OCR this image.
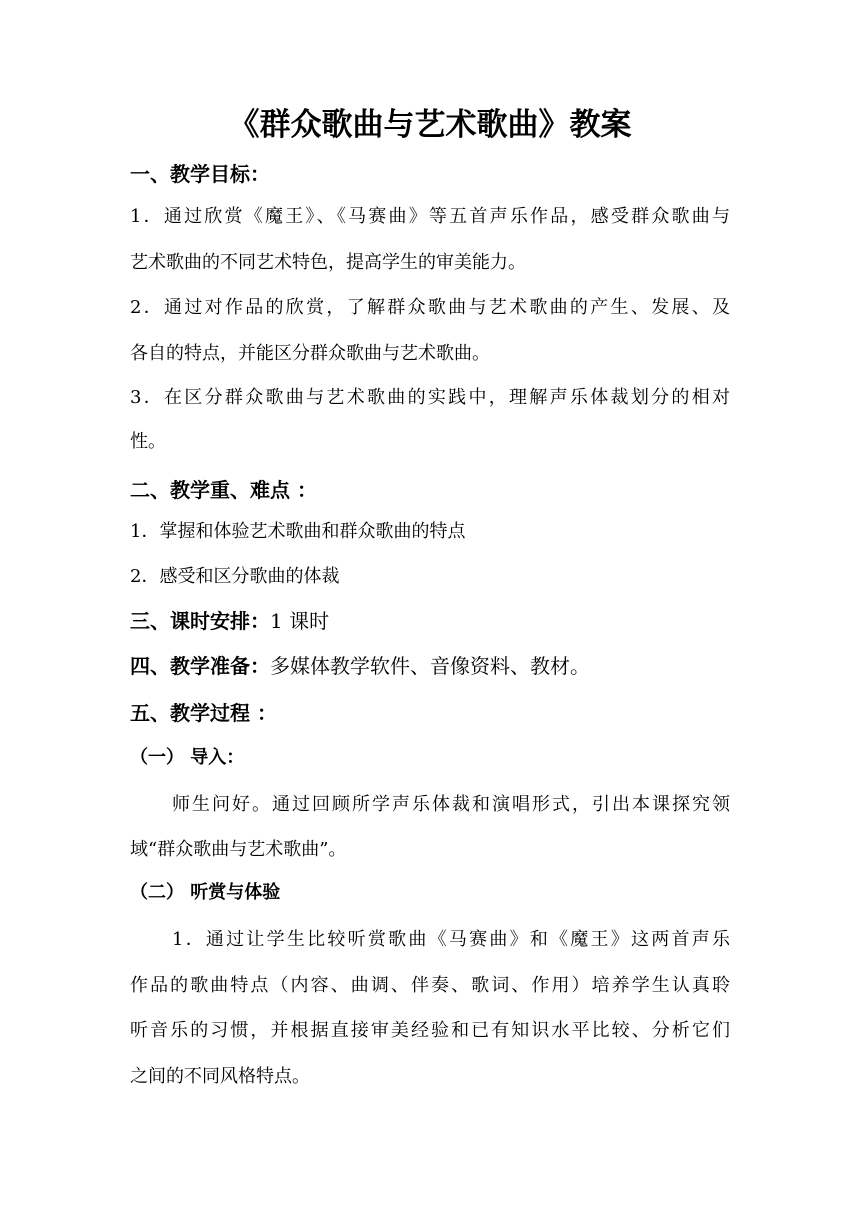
《群众歌曲与艺术歌曲》教案
一、教学目标：
1．通过欣赏《魔王》、《马赛曲》等五首声乐作品，感受群众歌曲与
艺术歌曲的不同艺术特色，提高学生的审美能力。
2．通过对作品的欣赏，了解群众歌曲与艺术歌曲的产生、发展、及
各自的特点，并能区分群众歌曲与艺术歌曲。
3．在区分群众歌曲与艺术歌曲的实践中，理解声乐体裁划分的相对
性。
二、教学重、难点 ：
1．掌握和体验艺术歌曲和群众歌曲的特点
2．感受和区分歌曲的体裁
三、课时安排：1 课时
四、教学准备：多媒体教学软件、音像资料、教材。
五、教学过程 ：
（一） 导入：
师生问好。通过回顾所学声乐体裁和演唱形式，引出本课探究领
域“群众歌曲与艺术歌曲”。
（二） 听赏与体验
1．通过让学生比较听赏歌曲《马赛曲》和《魔王》这两首声乐
作品的歌曲特点（内容、曲调、伴奏、歌词、作用）培养学生认真聆
听音乐的习惯，并根据直接审美经验和已有知识水平比较、分析它们
之间的不同风格特点。
